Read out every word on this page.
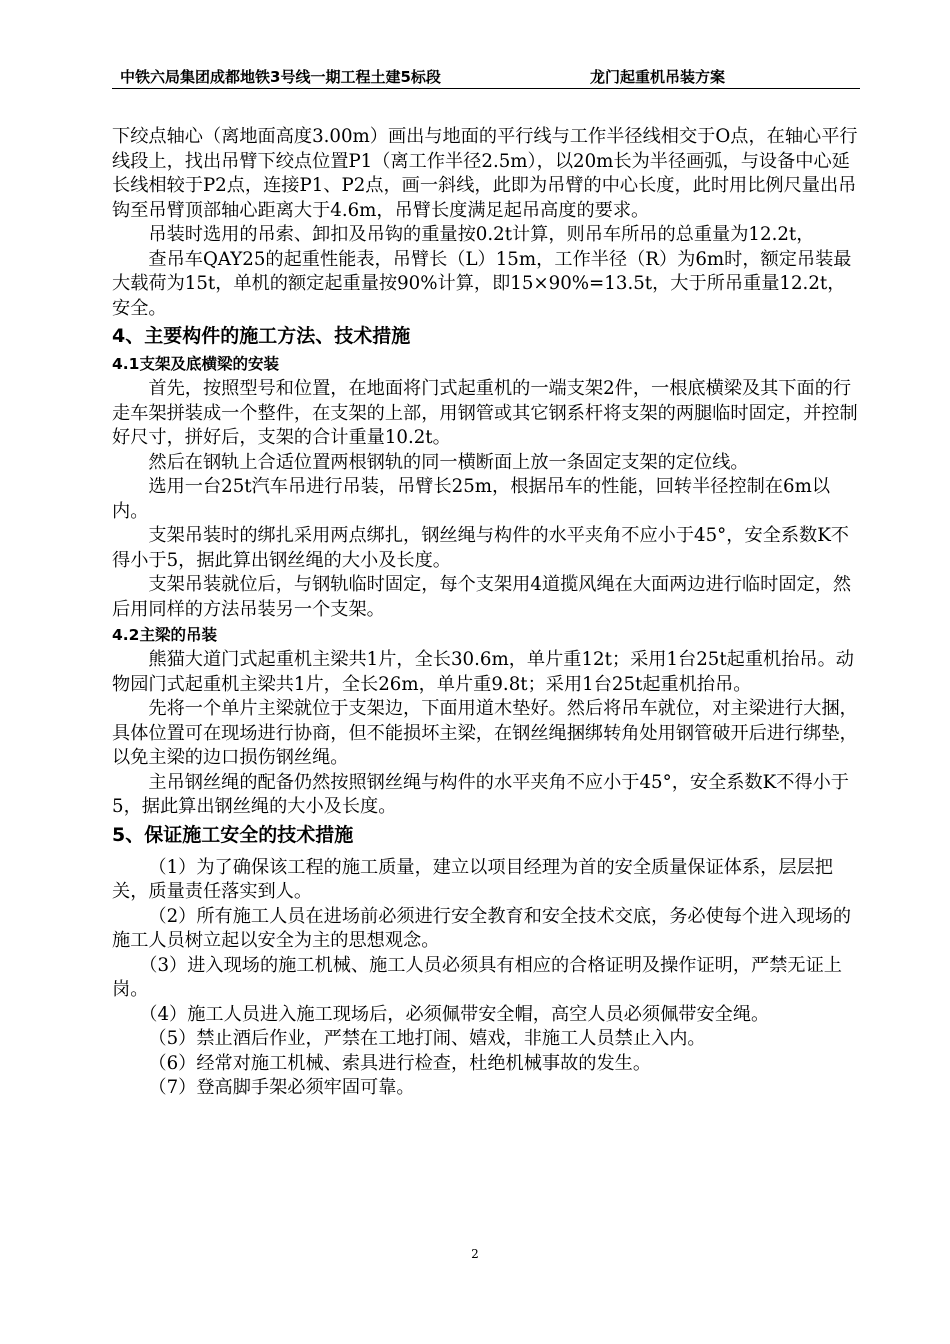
中铁六局集团成都地铁3号线一期工程土建5标段	龙门起重机吊装方案

下绞点轴心（离地面高度3.00m）画出与地面的平行线与工作半径线相交于O点，在轴心平行线段上，找出吊臂下绞点位置P1（离工作半径2.5m），以20m长为半径画弧，与设备中心延长线相较于P2点，连接P1、P2点，画一斜线，此即为吊臂的中心长度，此时用比例尺量出吊钩至吊臂顶部轴心距离大于4.6m，吊臂长度满足起吊高度的要求。

吊装时选用的吊索、卸扣及吊钩的重量按0.2t计算，则吊车所吊的总重量为12.2t，

查吊车QAY25的起重性能表，吊臂长（L）15m，工作半径（R）为6m时，额定吊装最大载荷为15t，单机的额定起重量按90%计算，即15×90%=13.5t，大于所吊重量12.2t，安全。

4、主要构件的施工方法、技术措施

4.1支架及底横梁的安装

首先，按照型号和位置，在地面将门式起重机的一端支架2件，一根底横梁及其下面的行走车架拼装成一个整件，在支架的上部，用钢管或其它钢系杆将支架的两腿临时固定，并控制好尺寸，拼好后，支架的合计重量10.2t。

然后在钢轨上合适位置两根钢轨的同一横断面上放一条固定支架的定位线。

选用一台25t汽车吊进行吊装，吊臂长25m，根据吊车的性能，回转半径控制在6m以内。

支架吊装时的绑扎采用两点绑扎，钢丝绳与构件的水平夹角不应小于45°，安全系数K不得小于5，据此算出钢丝绳的大小及长度。

支架吊装就位后，与钢轨临时固定，每个支架用4道揽风绳在大面两边进行临时固定，然后用同样的方法吊装另一个支架。

4.2主梁的吊装

熊猫大道门式起重机主梁共1片，全长30.6m，单片重12t；采用1台25t起重机抬吊。动物园门式起重机主梁共1片，全长26m，单片重9.8t；采用1台25t起重机抬吊。

先将一个单片主梁就位于支架边，下面用道木垫好。然后将吊车就位，对主梁进行大捆，具体位置可在现场进行协商，但不能损坏主梁，在钢丝绳捆绑转角处用钢管破开后进行绑垫，以免主梁的边口损伤钢丝绳。

主吊钢丝绳的配备仍然按照钢丝绳与构件的水平夹角不应小于45°，安全系数K不得小于5，据此算出钢丝绳的大小及长度。

5、保证施工安全的技术措施

（1）为了确保该工程的施工质量，建立以项目经理为首的安全质量保证体系，层层把关，质量责任落实到人。

（2）所有施工人员在进场前必须进行安全教育和安全技术交底，务必使每个进入现场的施工人员树立起以安全为主的思想观念。

（3）进入现场的施工机械、施工人员必须具有相应的合格证明及操作证明，严禁无证上岗。

（4）施工人员进入施工现场后，必须佩带安全帽，高空人员必须佩带安全绳。

（5）禁止酒后作业，严禁在工地打闹、嬉戏，非施工人员禁止入内。

（6）经常对施工机械、索具进行检查，杜绝机械事故的发生。

（7）登高脚手架必须牢固可靠。

2
